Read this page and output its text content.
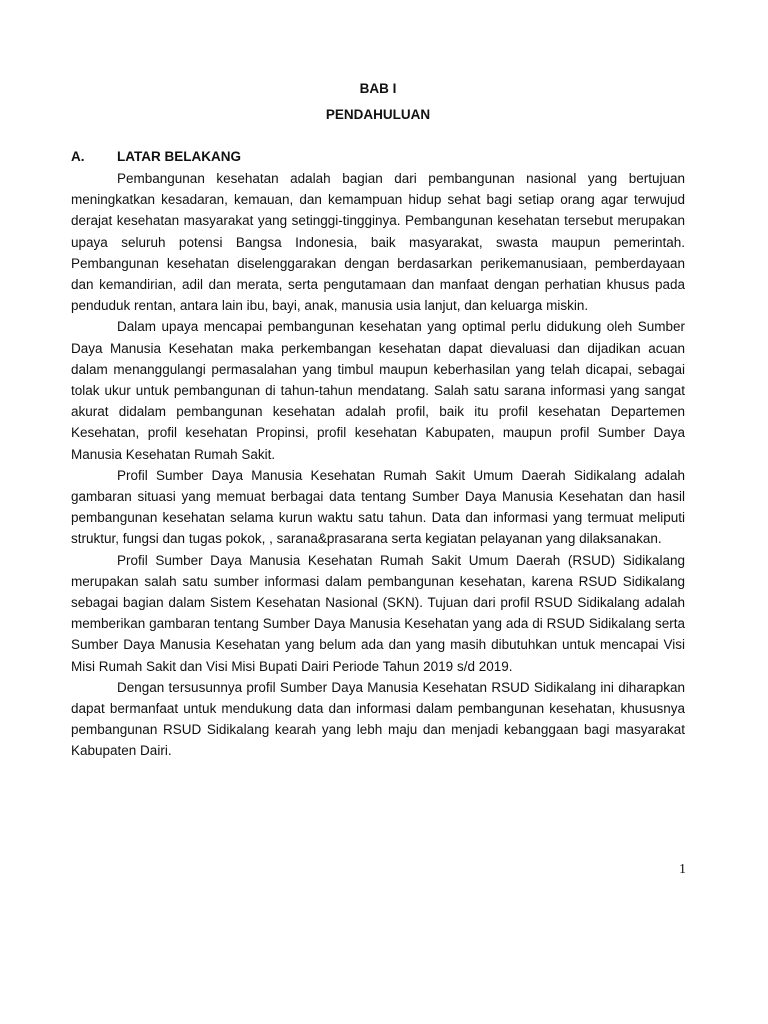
BAB I
PENDAHULUAN
A. LATAR BELAKANG

Pembangunan kesehatan adalah bagian dari pembangunan nasional yang bertujuan meningkatkan kesadaran, kemauan, dan kemampuan hidup sehat bagi setiap orang agar terwujud derajat kesehatan masyarakat yang setinggi-tingginya. Pembangunan kesehatan tersebut merupakan upaya seluruh potensi Bangsa Indonesia, baik masyarakat, swasta maupun pemerintah. Pembangunan kesehatan diselenggarakan dengan berdasarkan perikemanusiaan, pemberdayaan dan kemandirian, adil dan merata, serta pengutamaan dan manfaat dengan perhatian khusus pada penduduk rentan, antara lain ibu, bayi, anak, manusia usia lanjut, dan keluarga miskin.

Dalam upaya mencapai pembangunan kesehatan yang optimal perlu didukung oleh Sumber Daya Manusia Kesehatan maka perkembangan kesehatan dapat dievaluasi dan dijadikan acuan dalam menanggulangi permasalahan yang timbul maupun keberhasilan yang telah dicapai, sebagai tolak ukur untuk pembangunan di tahun-tahun mendatang. Salah satu sarana informasi yang sangat akurat didalam pembangunan kesehatan adalah profil, baik itu profil kesehatan Departemen Kesehatan, profil kesehatan Propinsi, profil kesehatan Kabupaten, maupun profil Sumber Daya Manusia Kesehatan Rumah Sakit.

Profil Sumber Daya Manusia Kesehatan Rumah Sakit Umum Daerah Sidikalang adalah gambaran situasi yang memuat berbagai data tentang Sumber Daya Manusia Kesehatan dan hasil pembangunan kesehatan selama kurun waktu satu tahun. Data dan informasi yang termuat meliputi struktur, fungsi dan tugas pokok, , sarana&prasarana serta kegiatan pelayanan yang dilaksanakan.

Profil Sumber Daya Manusia Kesehatan Rumah Sakit Umum Daerah (RSUD) Sidikalang merupakan salah satu sumber informasi dalam pembangunan kesehatan, karena RSUD Sidikalang sebagai bagian dalam Sistem Kesehatan Nasional (SKN). Tujuan dari profil RSUD Sidikalang adalah memberikan gambaran tentang Sumber Daya Manusia Kesehatan yang ada di RSUD Sidikalang serta Sumber Daya Manusia Kesehatan yang belum ada dan yang masih dibutuhkan untuk mencapai Visi Misi Rumah Sakit dan Visi Misi Bupati Dairi Periode Tahun 2019 s/d 2019.

Dengan tersusunnya profil Sumber Daya Manusia Kesehatan RSUD Sidikalang ini diharapkan dapat bermanfaat untuk mendukung data dan informasi dalam pembangunan kesehatan, khususnya pembangunan RSUD Sidikalang kearah yang lebh maju dan menjadi kebanggaan bagi masyarakat Kabupaten Dairi.

1
